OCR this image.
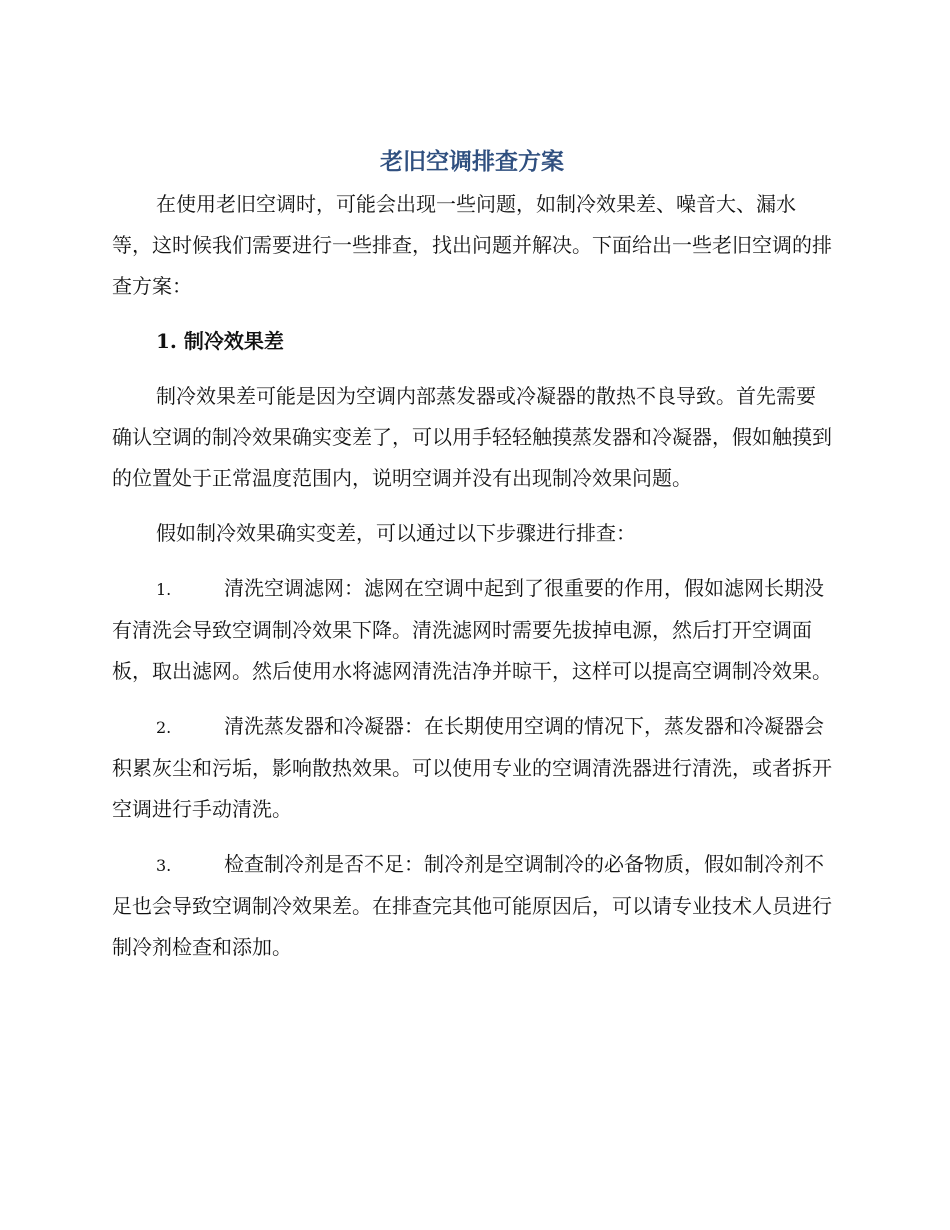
老旧空调排查方案

在使用老旧空调时，可能会出现一些问题，如制冷效果差、噪音大、漏水等，这时候我们需要进行一些排查，找出问题并解决。下面给出一些老旧空调的排查方案：

1. 制冷效果差

制冷效果差可能是因为空调内部蒸发器或冷凝器的散热不良导致。首先需要确认空调的制冷效果确实变差了，可以用手轻轻触摸蒸发器和冷凝器，假如触摸到的位置处于正常温度范围内，说明空调并没有出现制冷效果问题。

假如制冷效果确实变差，可以通过以下步骤进行排查：

1.	清洗空调滤网：滤网在空调中起到了很重要的作用，假如滤网长期没有清洗会导致空调制冷效果下降。清洗滤网时需要先拔掉电源，然后打开空调面板，取出滤网。然后使用水将滤网清洗洁净并晾干，这样可以提高空调制冷效果。

2.	清洗蒸发器和冷凝器：在长期使用空调的情况下，蒸发器和冷凝器会积累灰尘和污垢，影响散热效果。可以使用专业的空调清洗器进行清洗，或者拆开空调进行手动清洗。

3.	检查制冷剂是否不足：制冷剂是空调制冷的必备物质，假如制冷剂不足也会导致空调制冷效果差。在排查完其他可能原因后，可以请专业技术人员进行制冷剂检查和添加。
